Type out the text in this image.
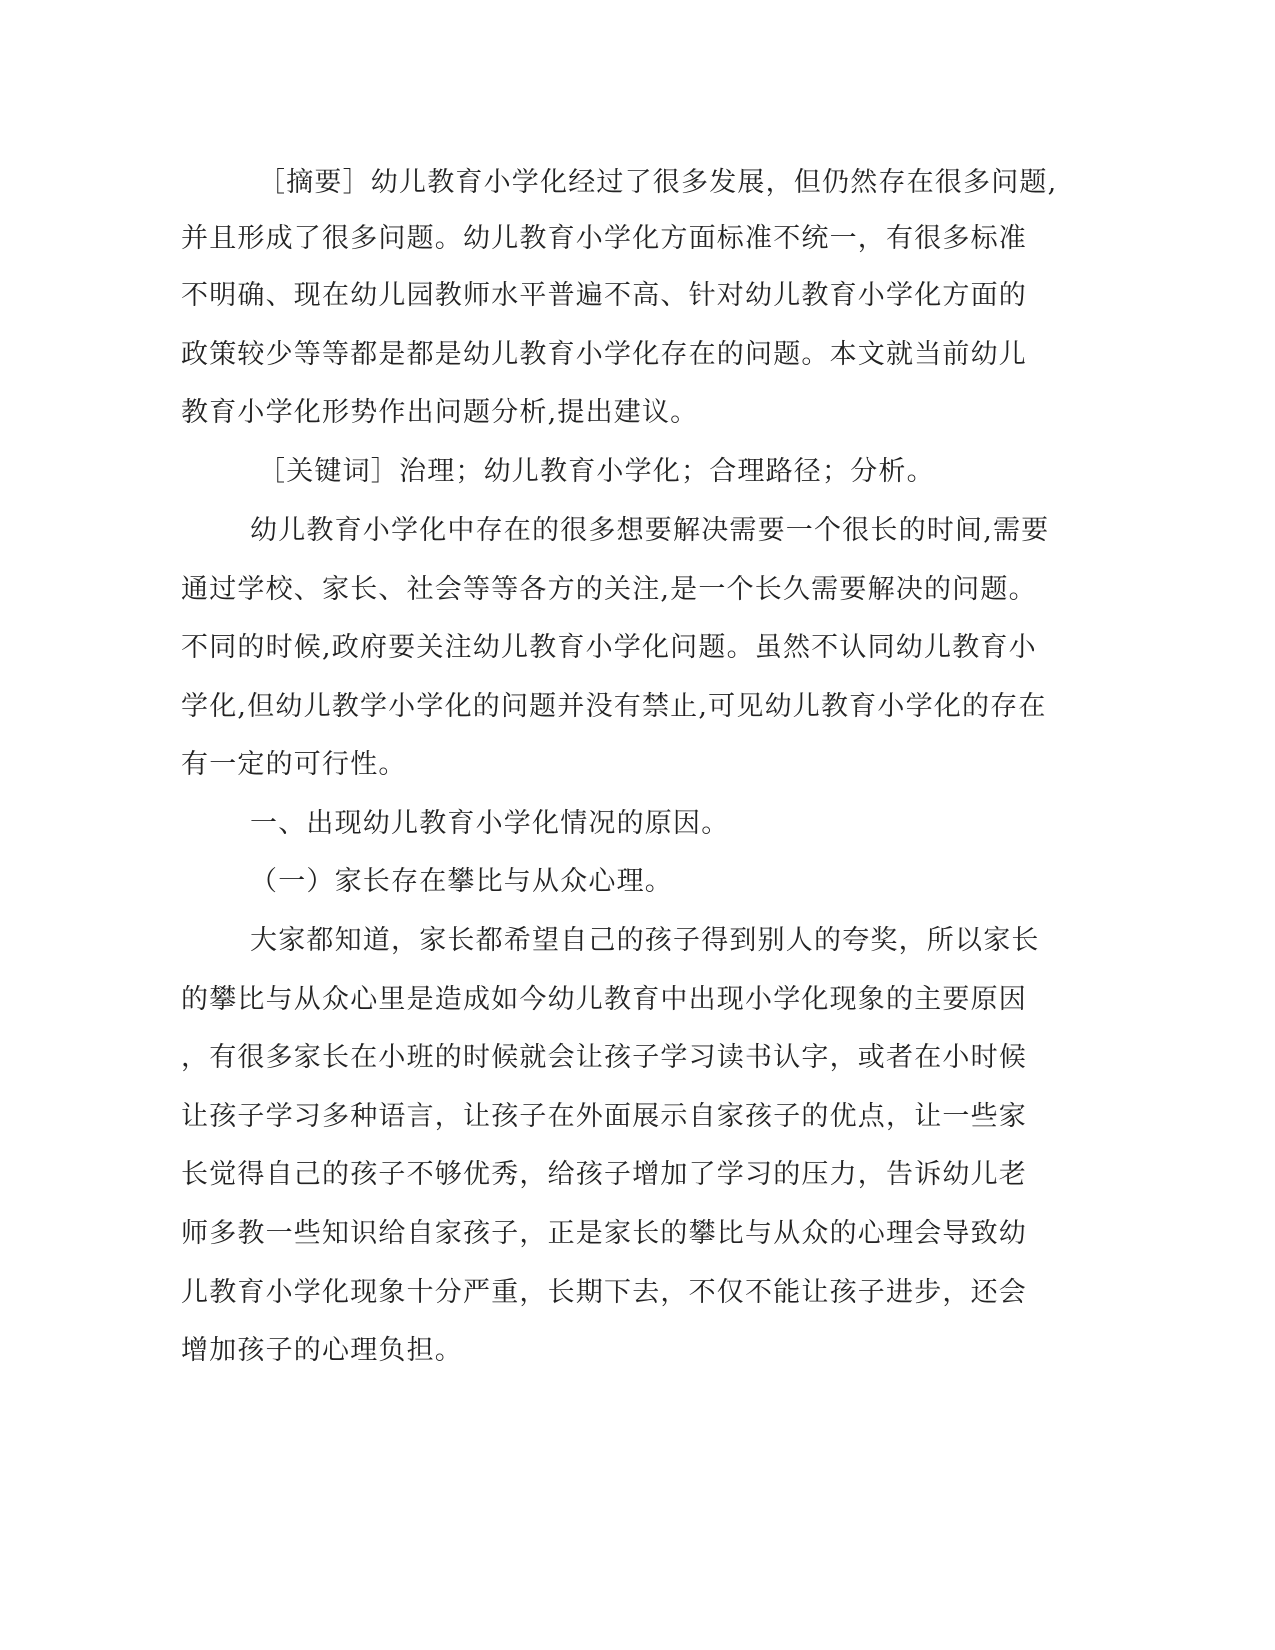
［摘要］幼儿教育小学化经过了很多发展，但仍然存在很多问题,
并且形成了很多问题。幼儿教育小学化方面标准不统一，有很多标准
不明确、现在幼儿园教师水平普遍不高、针对幼儿教育小学化方面的
政策较少等等都是都是幼儿教育小学化存在的问题。本文就当前幼儿
教育小学化形势作出问题分析,提出建议。
［关键词］治理；幼儿教育小学化；合理路径；分析。
幼儿教育小学化中存在的很多想要解决需要一个很长的时间,需要
通过学校、家长、社会等等各方的关注,是一个长久需要解决的问题。
不同的时候,政府要关注幼儿教育小学化问题。虽然不认同幼儿教育小
学化,但幼儿教学小学化的问题并没有禁止,可见幼儿教育小学化的存在
有一定的可行性。
一、出现幼儿教育小学化情况的原因。
（一）家长存在攀比与从众心理。
大家都知道，家长都希望自己的孩子得到别人的夸奖，所以家长
的攀比与从众心里是造成如今幼儿教育中出现小学化现象的主要原因
，有很多家长在小班的时候就会让孩子学习读书认字，或者在小时候
让孩子学习多种语言，让孩子在外面展示自家孩子的优点，让一些家
长觉得自己的孩子不够优秀，给孩子增加了学习的压力，告诉幼儿老
师多教一些知识给自家孩子，正是家长的攀比与从众的心理会导致幼
儿教育小学化现象十分严重，长期下去，不仅不能让孩子进步，还会
增加孩子的心理负担。
